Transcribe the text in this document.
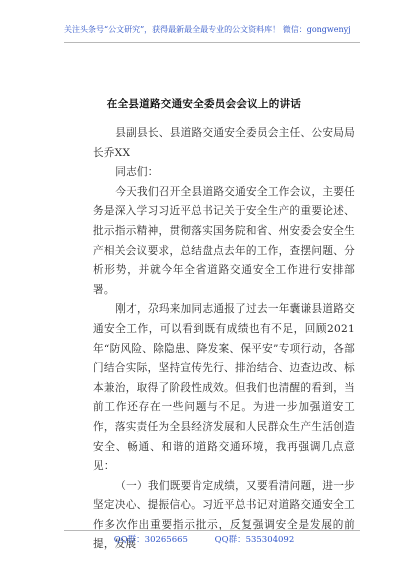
关注头条号“公文研究”，获得最新最全最专业的公文资料库！ 微信：gongwenyj
在全县道路交通安全委员会会议上的讲话

县副县长、县道路交通安全委员会主任、公安局局长乔XX

同志们：

今天我们召开全县道路交通安全工作会议，主要任务是深入学习习近平总书记关于安全生产的重要论述、批示指示精神，贯彻落实国务院和省、州安委会安全生产相关会议要求，总结盘点去年的工作，查摆问题、分析形势，并就今年全省道路交通安全工作进行安排部署。

刚才，尕玛来加同志通报了过去一年囊谦县道路交通安全工作，可以看到既有成绩也有不足，回顾2021年“防风险、除隐患、降发案、保平安”专项行动，各部门结合实际，坚持宣传先行、排治结合、边查边改、标本兼治，取得了阶段性成效。但我们也清醒的看到，当前工作还存在一些问题与不足。为进一步加强道安工作，落实责任为全县经济发展和人民群众生产生活创造安全、畅通、和谐的道路交通环境，我再强调几点意见：

（一）我们既要肯定成绩，又要看清问题，进一步坚定决心、提振信心。习近平总书记对道路交通安全工作多次作出重要指示批示，反复强调安全是发展的前提，发展

QQ群：30265665	QQ群：535304092
